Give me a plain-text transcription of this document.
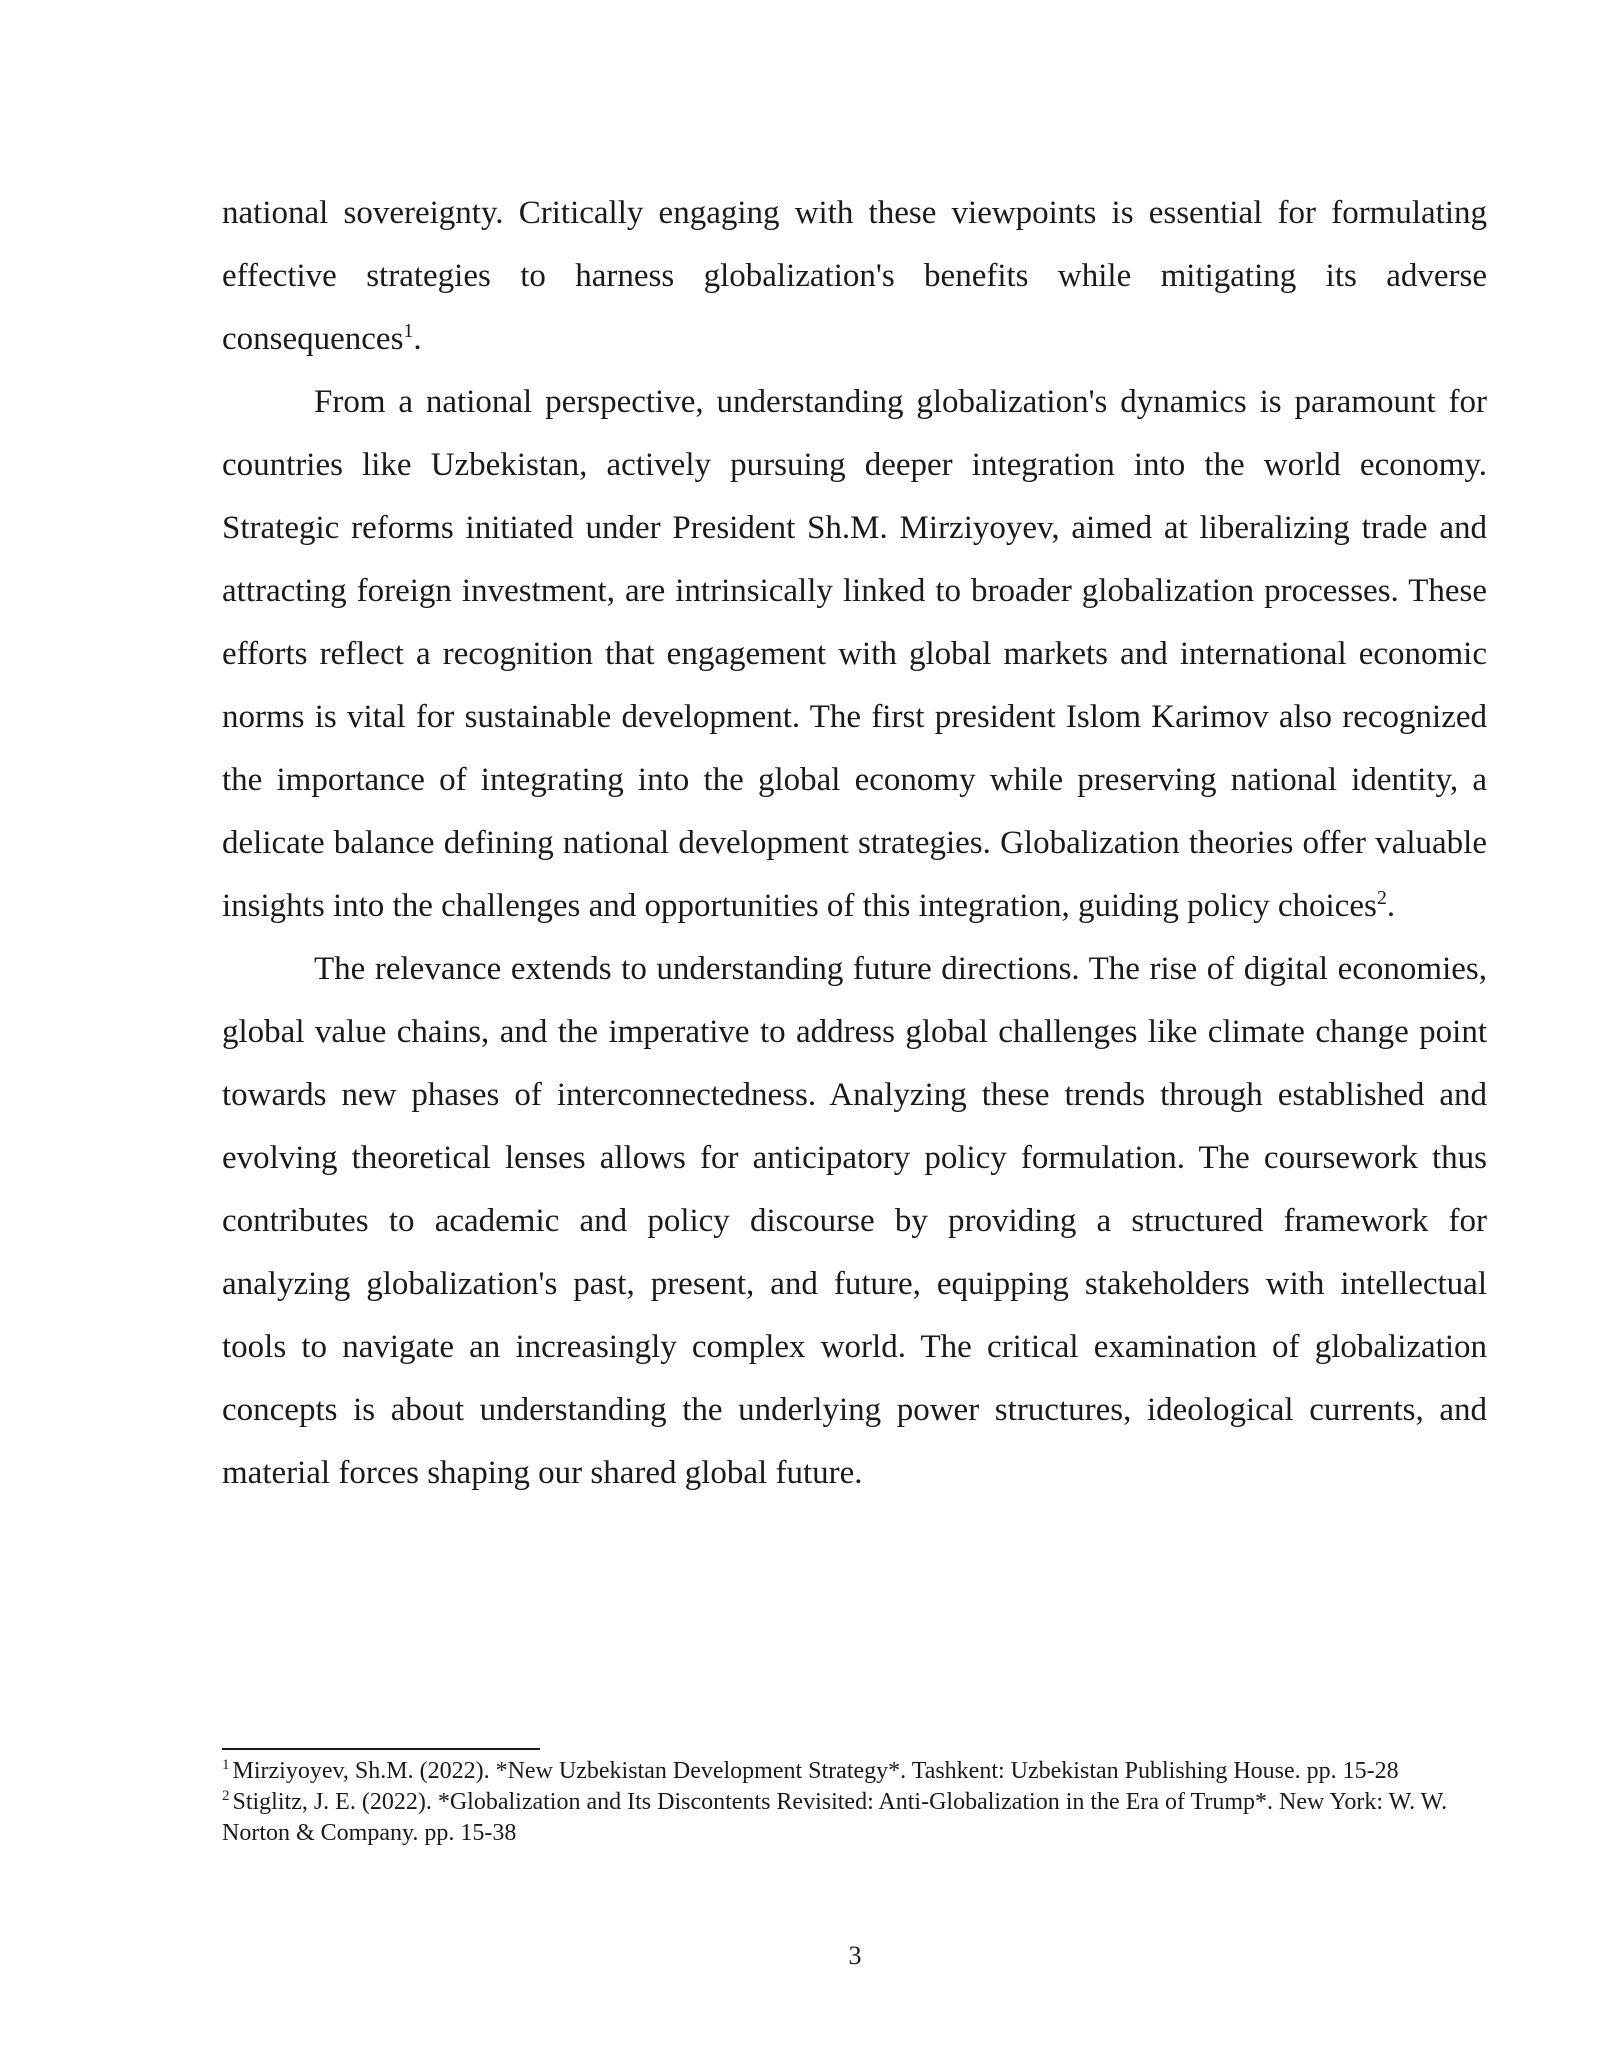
national sovereignty. Critically engaging with these viewpoints is essential for formulating effective strategies to harness globalization's benefits while mitigating its adverse consequences$^1$.

From a national perspective, understanding globalization's dynamics is paramount for countries like Uzbekistan, actively pursuing deeper integration into the world economy. Strategic reforms initiated under President Sh.M. Mirziyoyev, aimed at liberalizing trade and attracting foreign investment, are intrinsically linked to broader globalization processes. These efforts reflect a recognition that engagement with global markets and international economic norms is vital for sustainable development. The first president Islom Karimov also recognized the importance of integrating into the global economy while preserving national identity, a delicate balance defining national development strategies. Globalization theories offer valuable insights into the challenges and opportunities of this integration, guiding policy choices$^2$.

The relevance extends to understanding future directions. The rise of digital economies, global value chains, and the imperative to address global challenges like climate change point towards new phases of interconnectedness. Analyzing these trends through established and evolving theoretical lenses allows for anticipatory policy formulation. The coursework thus contributes to academic and policy discourse by providing a structured framework for analyzing globalization's past, present, and future, equipping stakeholders with intellectual tools to navigate an increasingly complex world. The critical examination of globalization concepts is about understanding the underlying power structures, ideological currents, and material forces shaping our shared global future.

$^1$ Mirziyoyev, Sh.M. (2022). *New Uzbekistan Development Strategy*. Tashkent: Uzbekistan Publishing House. pp. 15-28

$^2$ Stiglitz, J. E. (2022). *Globalization and Its Discontents Revisited: Anti-Globalization in the Era of Trump*. New York: W. W. Norton & Company. pp. 15-38

3
